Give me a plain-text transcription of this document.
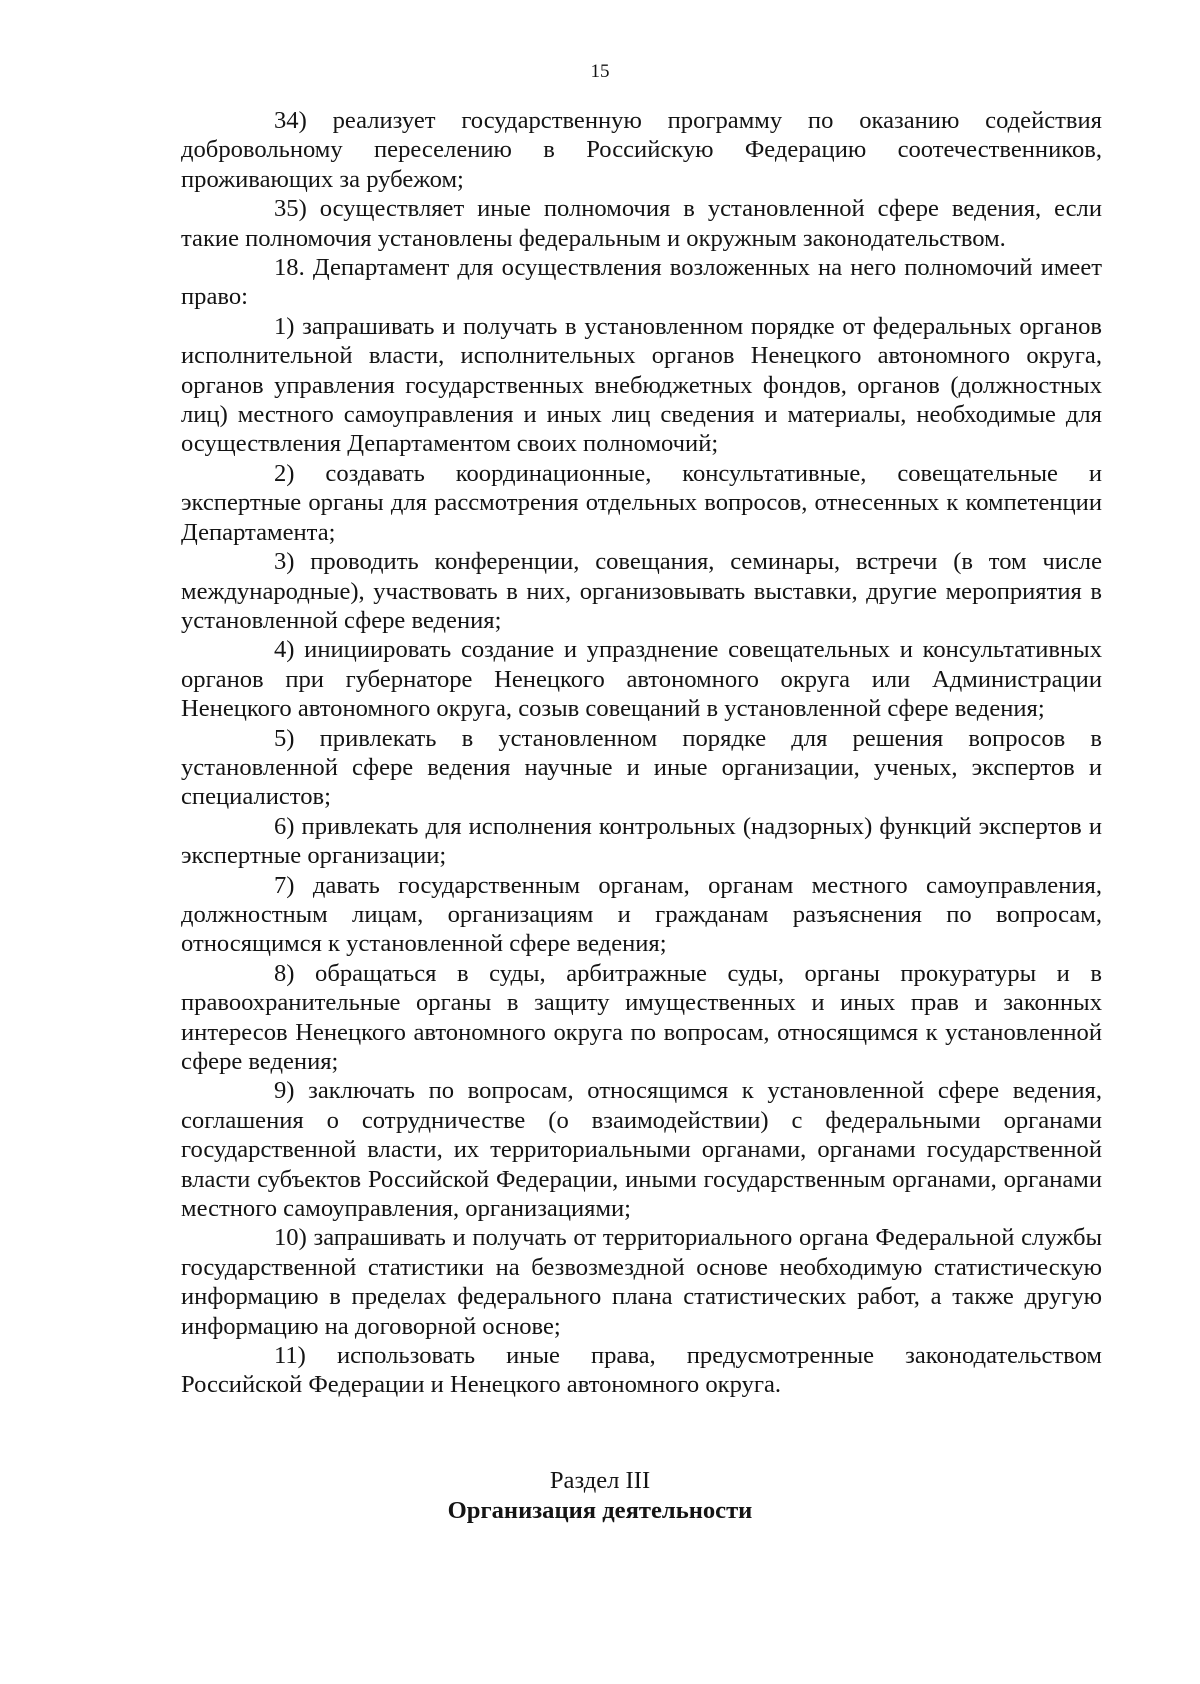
15

34) реализует государственную программу по оказанию содействия добровольному переселению в Российскую Федерацию соотечественников, проживающих за рубежом;

35) осуществляет иные полномочия в установленной сфере ведения, если такие полномочия установлены федеральным и окружным законодательством.

18. Департамент для осуществления возложенных на него полномочий имеет право:

1) запрашивать и получать в установленном порядке от федеральных органов исполнительной власти, исполнительных органов Ненецкого автономного округа, органов управления государственных внебюджетных фондов, органов (должностных лиц) местного самоуправления и иных лиц сведения и материалы, необходимые для осуществления Департаментом своих полномочий;

2) создавать координационные, консультативные, совещательные и экспертные органы для рассмотрения отдельных вопросов, отнесенных к компетенции Департамента;

3) проводить конференции, совещания, семинары, встречи (в том числе международные), участвовать в них, организовывать выставки, другие мероприятия в установленной сфере ведения;

4) инициировать создание и упразднение совещательных и консультативных органов при губернаторе Ненецкого автономного округа или Администрации Ненецкого автономного округа, созыв совещаний в установленной сфере ведения;

5) привлекать в установленном порядке для решения вопросов в установленной сфере ведения научные и иные организации, ученых, экспертов и специалистов;

6) привлекать для исполнения контрольных (надзорных) функций экспертов и экспертные организации;

7) давать государственным органам, органам местного самоуправления, должностным лицам, организациям и гражданам разъяснения по вопросам, относящимся к установленной сфере ведения;

8) обращаться в суды, арбитражные суды, органы прокуратуры и в правоохранительные органы в защиту имущественных и иных прав и законных интересов Ненецкого автономного округа по вопросам, относящимся к установленной сфере ведения;

9) заключать по вопросам, относящимся к установленной сфере ведения, соглашения о сотрудничестве (о взаимодействии) с федеральными органами государственной власти, их территориальными органами, органами государственной власти субъектов Российской Федерации, иными государственным органами, органами местного самоуправления, организациями;

10) запрашивать и получать от территориального органа Федеральной службы государственной статистики на безвозмездной основе необходимую статистическую информацию в пределах федерального плана статистических работ, а также другую информацию на договорной основе;

11) использовать иные права, предусмотренные законодательством Российской Федерации и Ненецкого автономного округа.

Раздел III
Организация деятельности
